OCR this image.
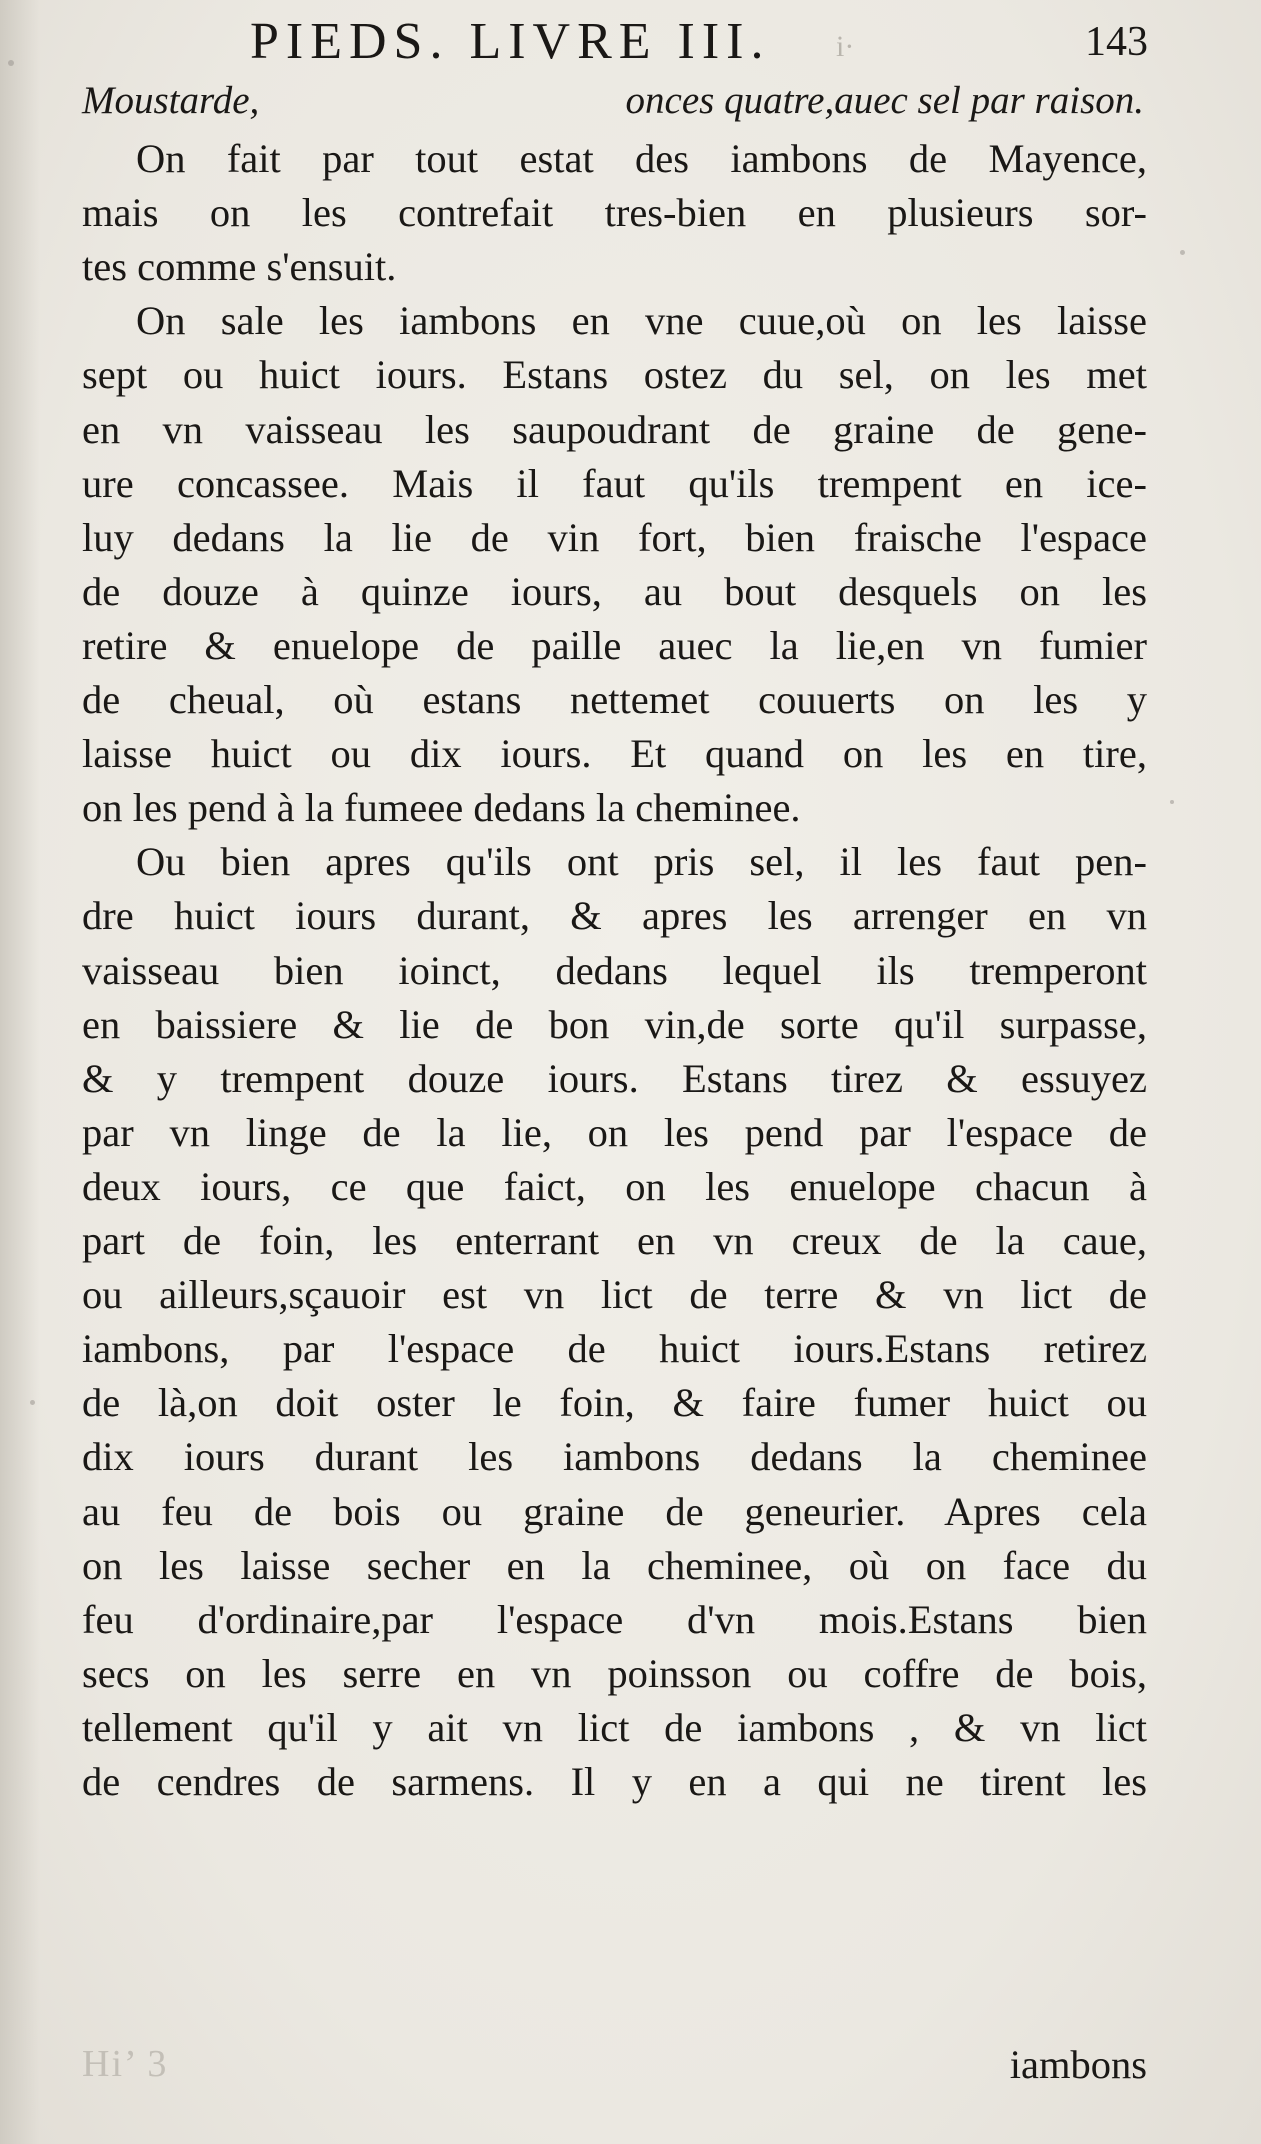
PIEDS. LIVRE III. i·	143
Moustarde,	onces quatre,auec sel par raison.
On fait par tout estat des iambons de Mayence,
mais on les contrefait tres-bien en plusieurs sor-
tes comme s'ensuit.
On sale les iambons en vne cuue,où on les laisse
sept ou huict iours. Estans ostez du sel, on les met
en vn vaisseau les saupoudrant de graine de gene-
ure concassee. Mais il faut qu'ils trempent en ice-
luy dedans la lie de vin fort, bien fraische l'espace
de douze à quinze iours, au bout desquels on les
retire & enuelope de paille auec la lie,en vn fumier
de cheual, où estans nettemet couuerts on les y
laisse huict ou dix iours. Et quand on les en tire,
on les pend à la fumeee dedans la cheminee.
Ou bien apres qu'ils ont pris sel, il les faut pen-
dre huict iours durant, & apres les arrenger en vn
vaisseau bien ioinct, dedans lequel ils tremperont
en baissiere & lie de bon vin,de sorte qu'il surpasse,
& y trempent douze iours. Estans tirez & essuyez
par vn linge de la lie, on les pend par l'espace de
deux iours, ce que faict, on les enuelope chacun à
part de foin, les enterrant en vn creux de la caue,
ou ailleurs,sçauoir est vn lict de terre & vn lict de
iambons, par l'espace de huict iours.Estans retirez
de là,on doit oster le foin, & faire fumer huict ou
dix iours durant les iambons dedans la cheminee
au feu de bois ou graine de geneurier. Apres cela
on les laisse secher en la cheminee, où on face du
feu d'ordinaire,par l'espace d'vn mois.Estans bien
secs on les serre en vn poinsson ou coffre de bois,
tellement qu'il y ait vn lict de iambons , & vn lict
de cendres de sarmens. Il y en a qui ne tirent les
Hi’ 3	iambons
